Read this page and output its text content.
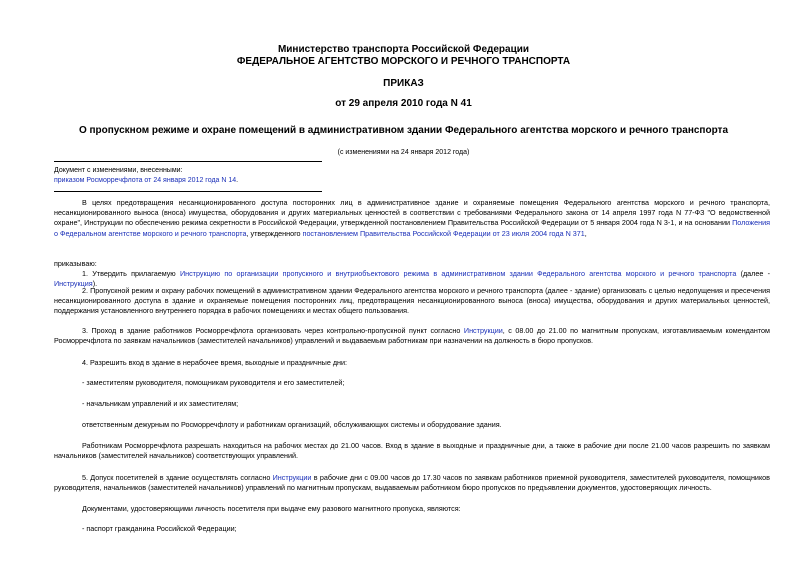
Министерство транспорта Российской Федерации
ФЕДЕРАЛЬНОЕ АГЕНТСТВО МОРСКОГО И РЕЧНОГО ТРАНСПОРТА
ПРИКАЗ
от 29 апреля 2010 года N 41
О пропускном режиме и охране помещений в административном здании Федерального агентства морского и речного транспорта
(с изменениями на 24 января 2012 года)
Документ с изменениями, внесенными:
приказом Росморречфлота от 24 января 2012 года N 14.
В целях предотвращения несанкционированного доступа посторонних лиц в административное здание и охраняемые помещения Федерального агентства морского и речного транспорта, несанкционированного выноса (вноса) имущества, оборудования и других материальных ценностей в соответствии с требованиями Федерального закона от 14 апреля 1997 года N 77-ФЗ "О ведомственной охране", Инструкции по обеспечению режима секретности в Российской Федерации, утвержденной постановлением Правительства Российской Федерации от 5 января 2004 года N 3-1, и на основании Положения о Федеральном агентстве морского и речного транспорта, утвержденного постановлением Правительства Российской Федерации от 23 июля 2004 года N 371,
приказываю:
1. Утвердить прилагаемую Инструкцию по организации пропускного и внутриобъектового режима в административном здании Федерального агентства морского и речного транспорта (далее - Инструкция).
2. Пропускной режим и охрану рабочих помещений в административном здании Федерального агентства морского и речного транспорта (далее - здание) организовать с целью недопущения и пресечения несанкционированного доступа в здание и охраняемые помещения посторонних лиц, предотвращения несанкционированного выноса (вноса) имущества, оборудования и других материальных ценностей, поддержания установленного внутреннего порядка в рабочих помещениях и местах общего пользования.
3. Проход в здание работников Росморречфлота организовать через контрольно-пропускной пункт согласно Инструкции, с 08.00 до 21.00 по магнитным пропускам, изготавливаемым комендантом Росморречфлота по заявкам начальников (заместителей начальников) управлений и выдаваемым работникам при назначении на должность в бюро пропусков.
4. Разрешить вход в здание в нерабочее время, выходные и праздничные дни:
- заместителям руководителя, помощникам руководителя и его заместителей;
- начальникам управлений и их заместителям;
ответственным дежурным по Росморречфлоту и работникам организаций, обслуживающих системы и оборудование здания.
Работникам Росморречфлота разрешать находиться на рабочих местах до 21.00 часов. Вход в здание в выходные и праздничные дни, а также в рабочие дни после 21.00 часов разрешить по заявкам начальников (заместителей начальников) соответствующих управлений.
5. Допуск посетителей в здание осуществлять согласно Инструкции в рабочие дни с 09.00 часов до 17.30 часов по заявкам работников приемной руководителя, заместителей руководителя, помощников руководителя, начальников (заместителей начальников) управлений по магнитным пропускам, выдаваемым работником бюро пропусков по предъявлении документов, удостоверяющих личность.
Документами, удостоверяющими личность посетителя при выдаче ему разового магнитного пропуска, являются:
- паспорт гражданина Российской Федерации;
